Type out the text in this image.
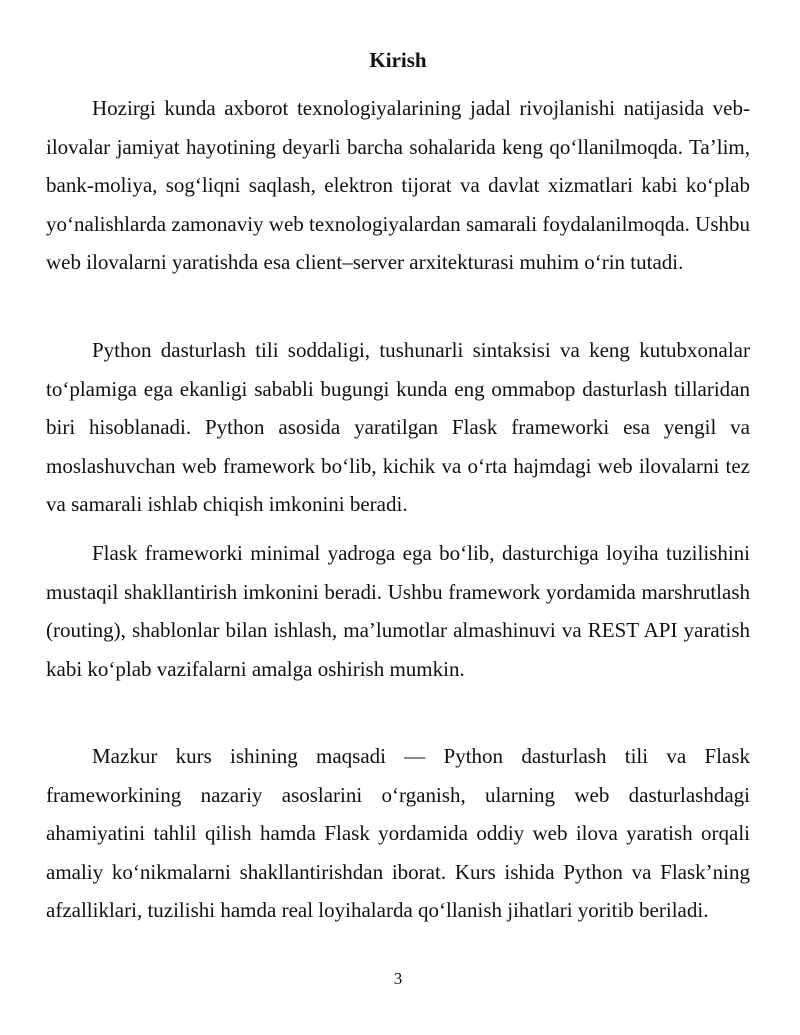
Kirish

Hozirgi kunda axborot texnologiyalarining jadal rivojlanishi natijasida veb-ilovalar jamiyat hayotining deyarli barcha sohalarida keng qo‘llanilmoqda. Ta’lim, bank-moliya, sog‘liqni saqlash, elektron tijorat va davlat xizmatlari kabi ko‘plab yo‘nalishlarda zamonaviy web texnologiyalardan samarali foydalanilmoqda. Ushbu web ilovalarni yaratishda esa client–server arxitekturasi muhim o‘rin tutadi.

Python dasturlash tili soddaligi, tushunarli sintaksisi va keng kutubxonalar to‘plamiga ega ekanligi sababli bugungi kunda eng ommabop dasturlash tillaridan biri hisoblanadi. Python asosida yaratilgan Flask frameworki esa yengil va moslashuvchan web framework bo‘lib, kichik va o‘rta hajmdagi web ilovalarni tez va samarali ishlab chiqish imkonini beradi.

Flask frameworki minimal yadroga ega bo‘lib, dasturchiga loyiha tuzilishini mustaqil shakllantirish imkonini beradi. Ushbu framework yordamida marshrutlash (routing), shablonlar bilan ishlash, ma’lumotlar almashinuvi va REST API yaratish kabi ko‘plab vazifalarni amalga oshirish mumkin.

Mazkur kurs ishining maqsadi — Python dasturlash tili va Flask frameworkining nazariy asoslarini o‘rganish, ularning web dasturlashdagi ahamiyatini tahlil qilish hamda Flask yordamida oddiy web ilova yaratish orqali amaliy ko‘nikmalarni shakllantirishdan iborat. Kurs ishida Python va Flask’ning afzalliklari, tuzilishi hamda real loyihalarda qo‘llanish jihatlari yoritib beriladi.

3
